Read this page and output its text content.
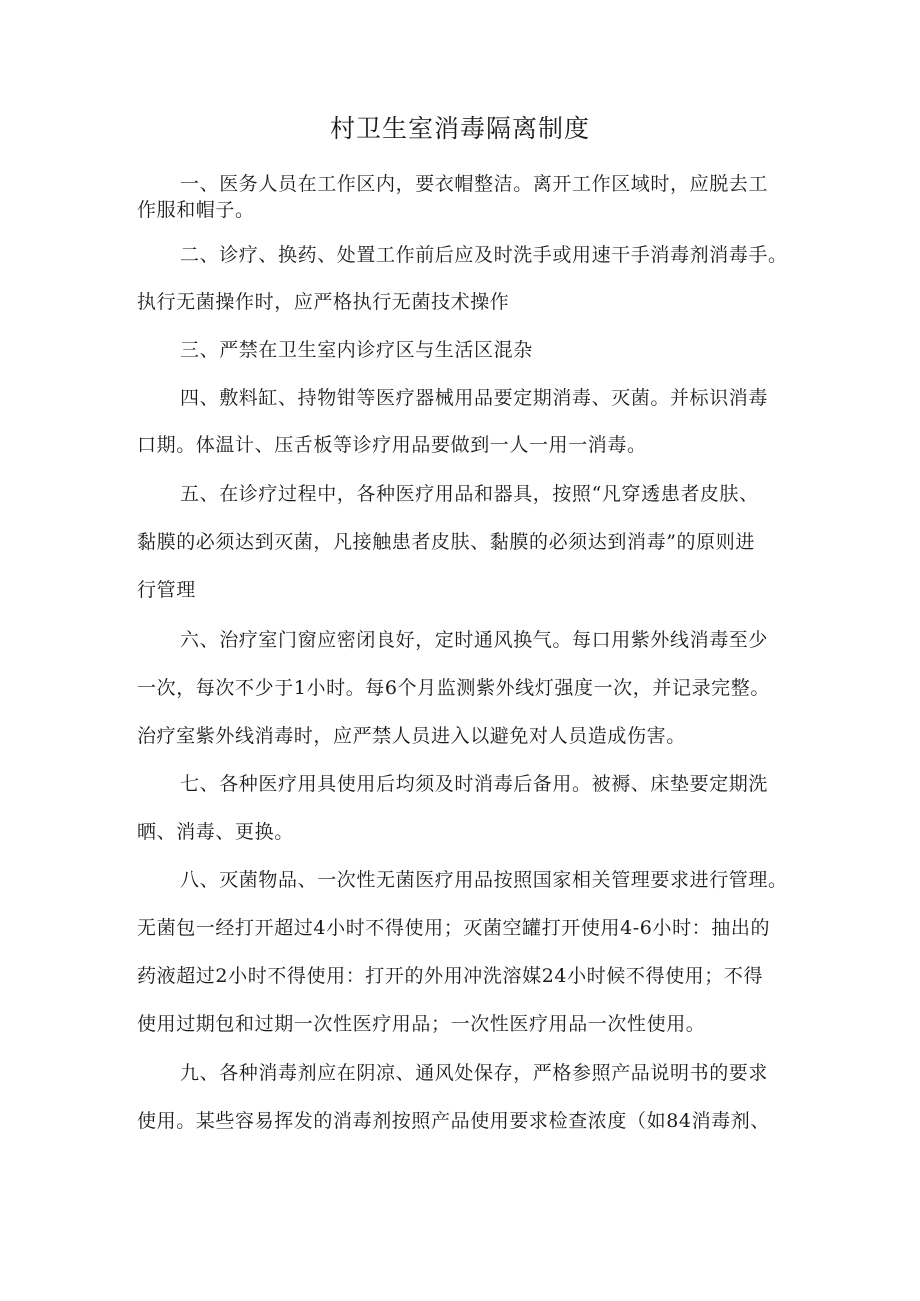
村卫生室消毒隔离制度
一、医务人员在工作区内，要衣帽整洁。离开工作区域时，应脱去工
作服和帽子。
二、诊疗、换药、处置工作前后应及时洗手或用速干手消毒剂消毒手。
执行无菌操作时，应严格执行无菌技术操作
三、严禁在卫生室内诊疗区与生活区混杂
四、敷料缸、持物钳等医疗器械用品要定期消毒、灭菌。并标识消毒
口期。体温计、压舌板等诊疗用品要做到一人一用一消毒。
五、在诊疗过程中，各种医疗用品和器具，按照“凡穿透患者皮肤、
黏膜的必须达到灭菌，凡接触患者皮肤、黏膜的必须达到消毒”的原则进
行管理
六、治疗室门窗应密闭良好，定时通风换气。每口用紫外线消毒至少
一次，每次不少于1小时。每6个月监测紫外线灯强度一次，并记录完整。
治疗室紫外线消毒时，应严禁人员进入以避免对人员造成伤害。
七、各种医疗用具使用后均须及时消毒后备用。被褥、床垫要定期洗
晒、消毒、更换。
八、灭菌物品、一次性无菌医疗用品按照国家相关管理要求进行管理。
无菌包一经打开超过4小时不得使用；灭菌空罐打开使用4-6小时：抽出的
药液超过2小时不得使用：打开的外用冲洗溶媒24小时候不得使用；不得
使用过期包和过期一次性医疗用品；一次性医疗用品一次性使用。
九、各种消毒剂应在阴凉、通风处保存，严格参照产品说明书的要求
使用。某些容易挥发的消毒剂按照产品使用要求检查浓度（如84消毒剂、
